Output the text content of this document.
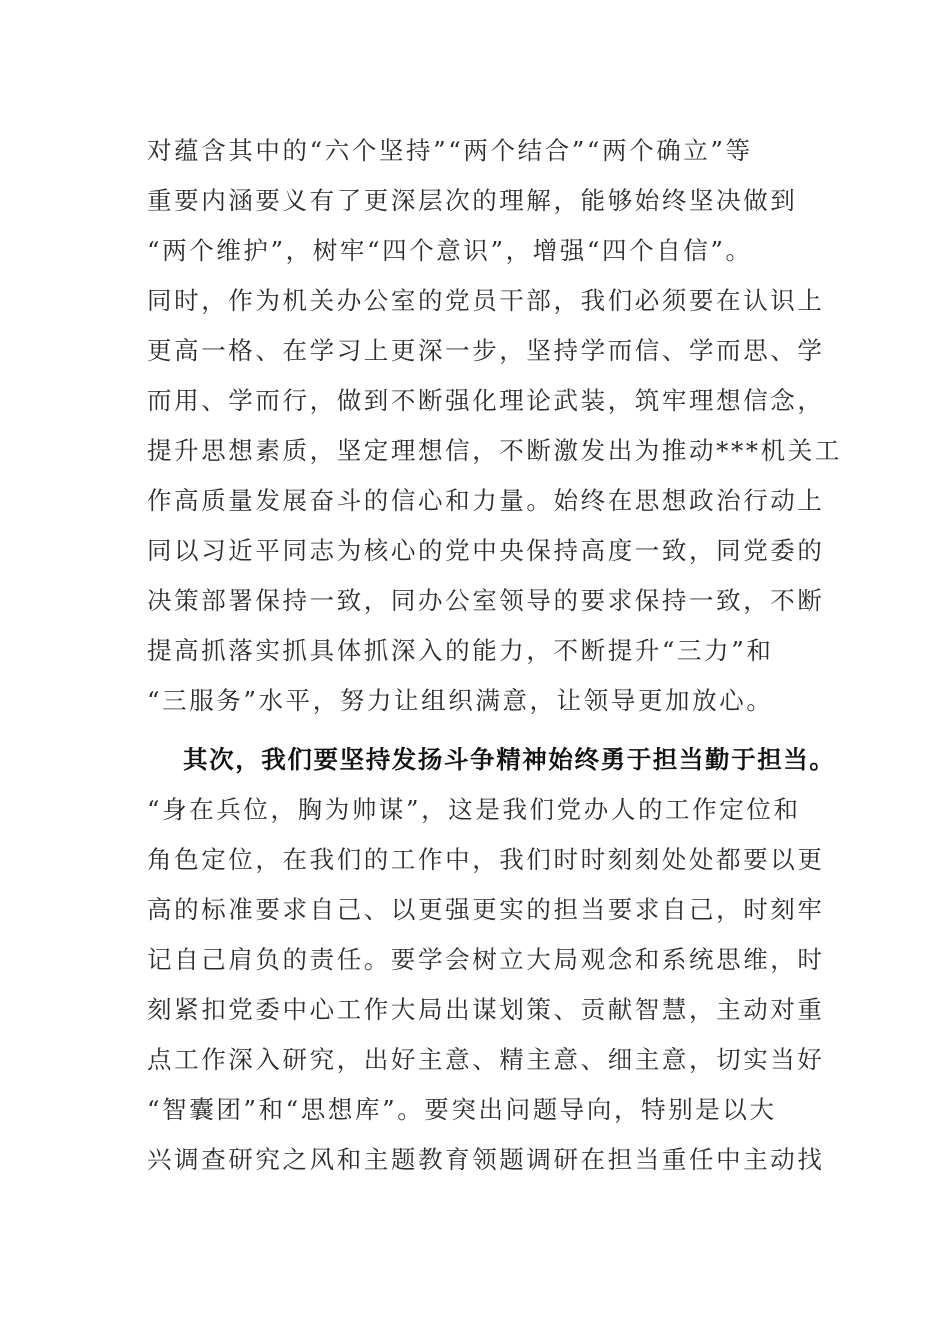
对蕴含其中的“六个坚持”“两个结合”“两个确立”等
重要内涵要义有了更深层次的理解，能够始终坚决做到
“两个维护”，树牢“四个意识”，增强“四个自信”。
同时，作为机关办公室的党员干部，我们必须要在认识上
更高一格、在学习上更深一步，坚持学而信、学而思、学
而用、学而行，做到不断强化理论武装，筑牢理想信念，
提升思想素质，坚定理想信，不断激发出为推动***机关工
作高质量发展奋斗的信心和力量。始终在思想政治行动上
同以习近平同志为核心的党中央保持高度一致，同党委的
决策部署保持一致，同办公室领导的要求保持一致，不断
提高抓落实抓具体抓深入的能力，不断提升“三力”和
“三服务”水平，努力让组织满意，让领导更加放心。
其次，我们要坚持发扬斗争精神始终勇于担当勤于担当。
“身在兵位，胸为帅谋”，这是我们党办人的工作定位和
角色定位，在我们的工作中，我们时时刻刻处处都要以更
高的标准要求自己、以更强更实的担当要求自己，时刻牢
记自己肩负的责任。要学会树立大局观念和系统思维，时
刻紧扣党委中心工作大局出谋划策、贡献智慧，主动对重
点工作深入研究，出好主意、精主意、细主意，切实当好
“智囊团”和“思想库”。要突出问题导向，特别是以大
兴调查研究之风和主题教育领题调研在担当重任中主动找
